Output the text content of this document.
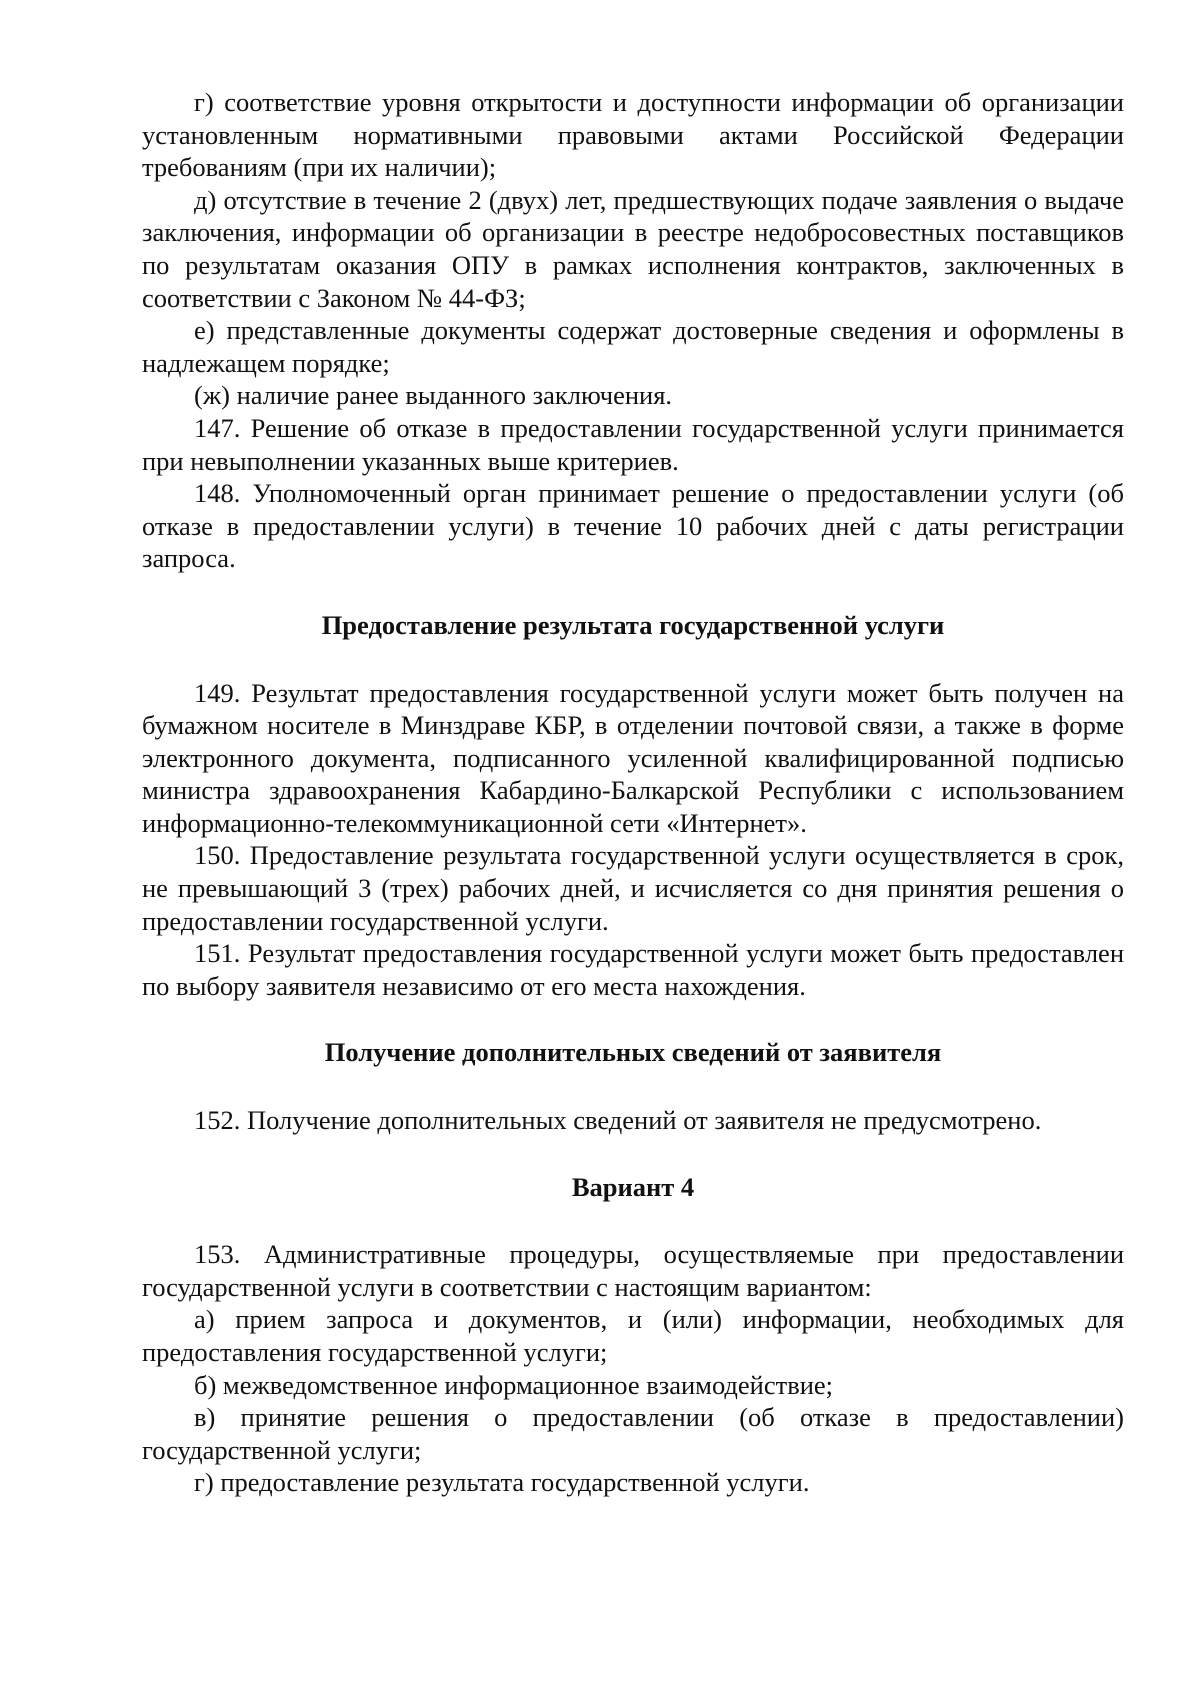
г) соответствие уровня открытости и доступности информации об организации установленным нормативными правовыми актами Российской Федерации требованиям (при их наличии);

д) отсутствие в течение 2 (двух) лет, предшествующих подаче заявления о выдаче заключения, информации об организации в реестре недобросовестных поставщиков по результатам оказания ОПУ в рамках исполнения контрактов, заключенных в соответствии с Законом № 44-ФЗ;

е) представленные документы содержат достоверные сведения и оформлены в надлежащем порядке;

(ж) наличие ранее выданного заключения.

147. Решение об отказе в предоставлении государственной услуги принимается при невыполнении указанных выше критериев.

148. Уполномоченный орган принимает решение о предоставлении услуги (об отказе в предоставлении услуги) в течение 10 рабочих дней с даты регистрации запроса.

Предоставление результата государственной услуги

149. Результат предоставления государственной услуги может быть получен на бумажном носителе в Минздраве КБР, в отделении почтовой связи, а также в форме электронного документа, подписанного усиленной квалифицированной подписью министра здравоохранения Кабардино-Балкарской Республики с использованием информационно-телекоммуникационной сети «Интернет».

150. Предоставление результата государственной услуги осуществляется в срок, не превышающий 3 (трех) рабочих дней, и исчисляется со дня принятия решения о предоставлении государственной услуги.

151. Результат предоставления государственной услуги может быть предоставлен по выбору заявителя независимо от его места нахождения.

Получение дополнительных сведений от заявителя

152. Получение дополнительных сведений от заявителя не предусмотрено.

Вариант 4

153. Административные процедуры, осуществляемые при предоставлении государственной услуги в соответствии с настоящим вариантом:

а) прием запроса и документов, и (или) информации, необходимых для предоставления государственной услуги;

б) межведомственное информационное взаимодействие;

в) принятие решения о предоставлении (об отказе в предоставлении) государственной услуги;

г) предоставление результата государственной услуги.
